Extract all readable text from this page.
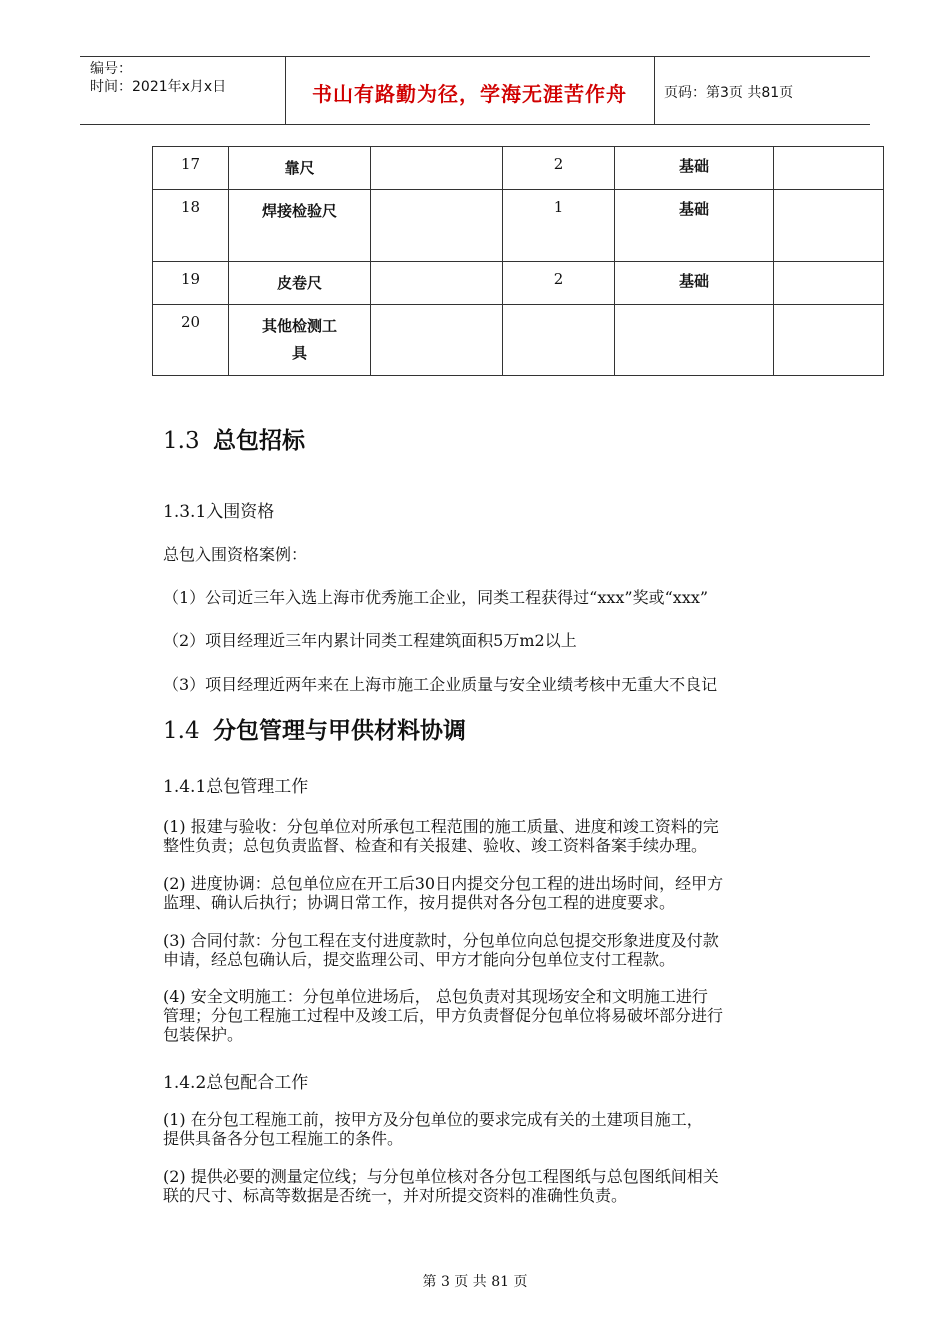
编号：
时间：2021年x月x日	书山有路勤为径，学海无涯苦作舟	页码：第3页 共81页
17	靠尺		2	基础	
18	焊接检验尺		1	基础	
19	皮卷尺		2	基础	
20	其他检测工具				
1.3 总包招标
1.3.1入围资格
总包入围资格案例：
（1）公司近三年入选上海市优秀施工企业，同类工程获得过“xxx”奖或“xxx”
（2）项目经理近三年内累计同类工程建筑面积5万m2以上
（3）项目经理近两年来在上海市施工企业质量与安全业绩考核中无重大不良记
1.4 分包管理与甲供材料协调
1.4.1总包管理工作
(1) 报建与验收：分包单位对所承包工程范围的施工质量、进度和竣工资料的完
整性负责；总包负责监督、检查和有关报建、验收、竣工资料备案手续办理。
(2) 进度协调：总包单位应在开工后30日内提交分包工程的进出场时间，经甲方
监理、确认后执行；协调日常工作，按月提供对各分包工程的进度要求。
(3) 合同付款：分包工程在支付进度款时，分包单位向总包提交形象进度及付款
申请，经总包确认后，提交监理公司、甲方才能向分包单位支付工程款。
(4) 安全文明施工：分包单位进场后， 总包负责对其现场安全和文明施工进行
管理；分包工程施工过程中及竣工后，甲方负责督促分包单位将易破坏部分进行
包装保护。
1.4.2总包配合工作
(1) 在分包工程施工前，按甲方及分包单位的要求完成有关的土建项目施工，
提供具备各分包工程施工的条件。
(2) 提供必要的测量定位线；与分包单位核对各分包工程图纸与总包图纸间相关
联的尺寸、标高等数据是否统一，并对所提交资料的准确性负责。
第 3 页 共 81 页
